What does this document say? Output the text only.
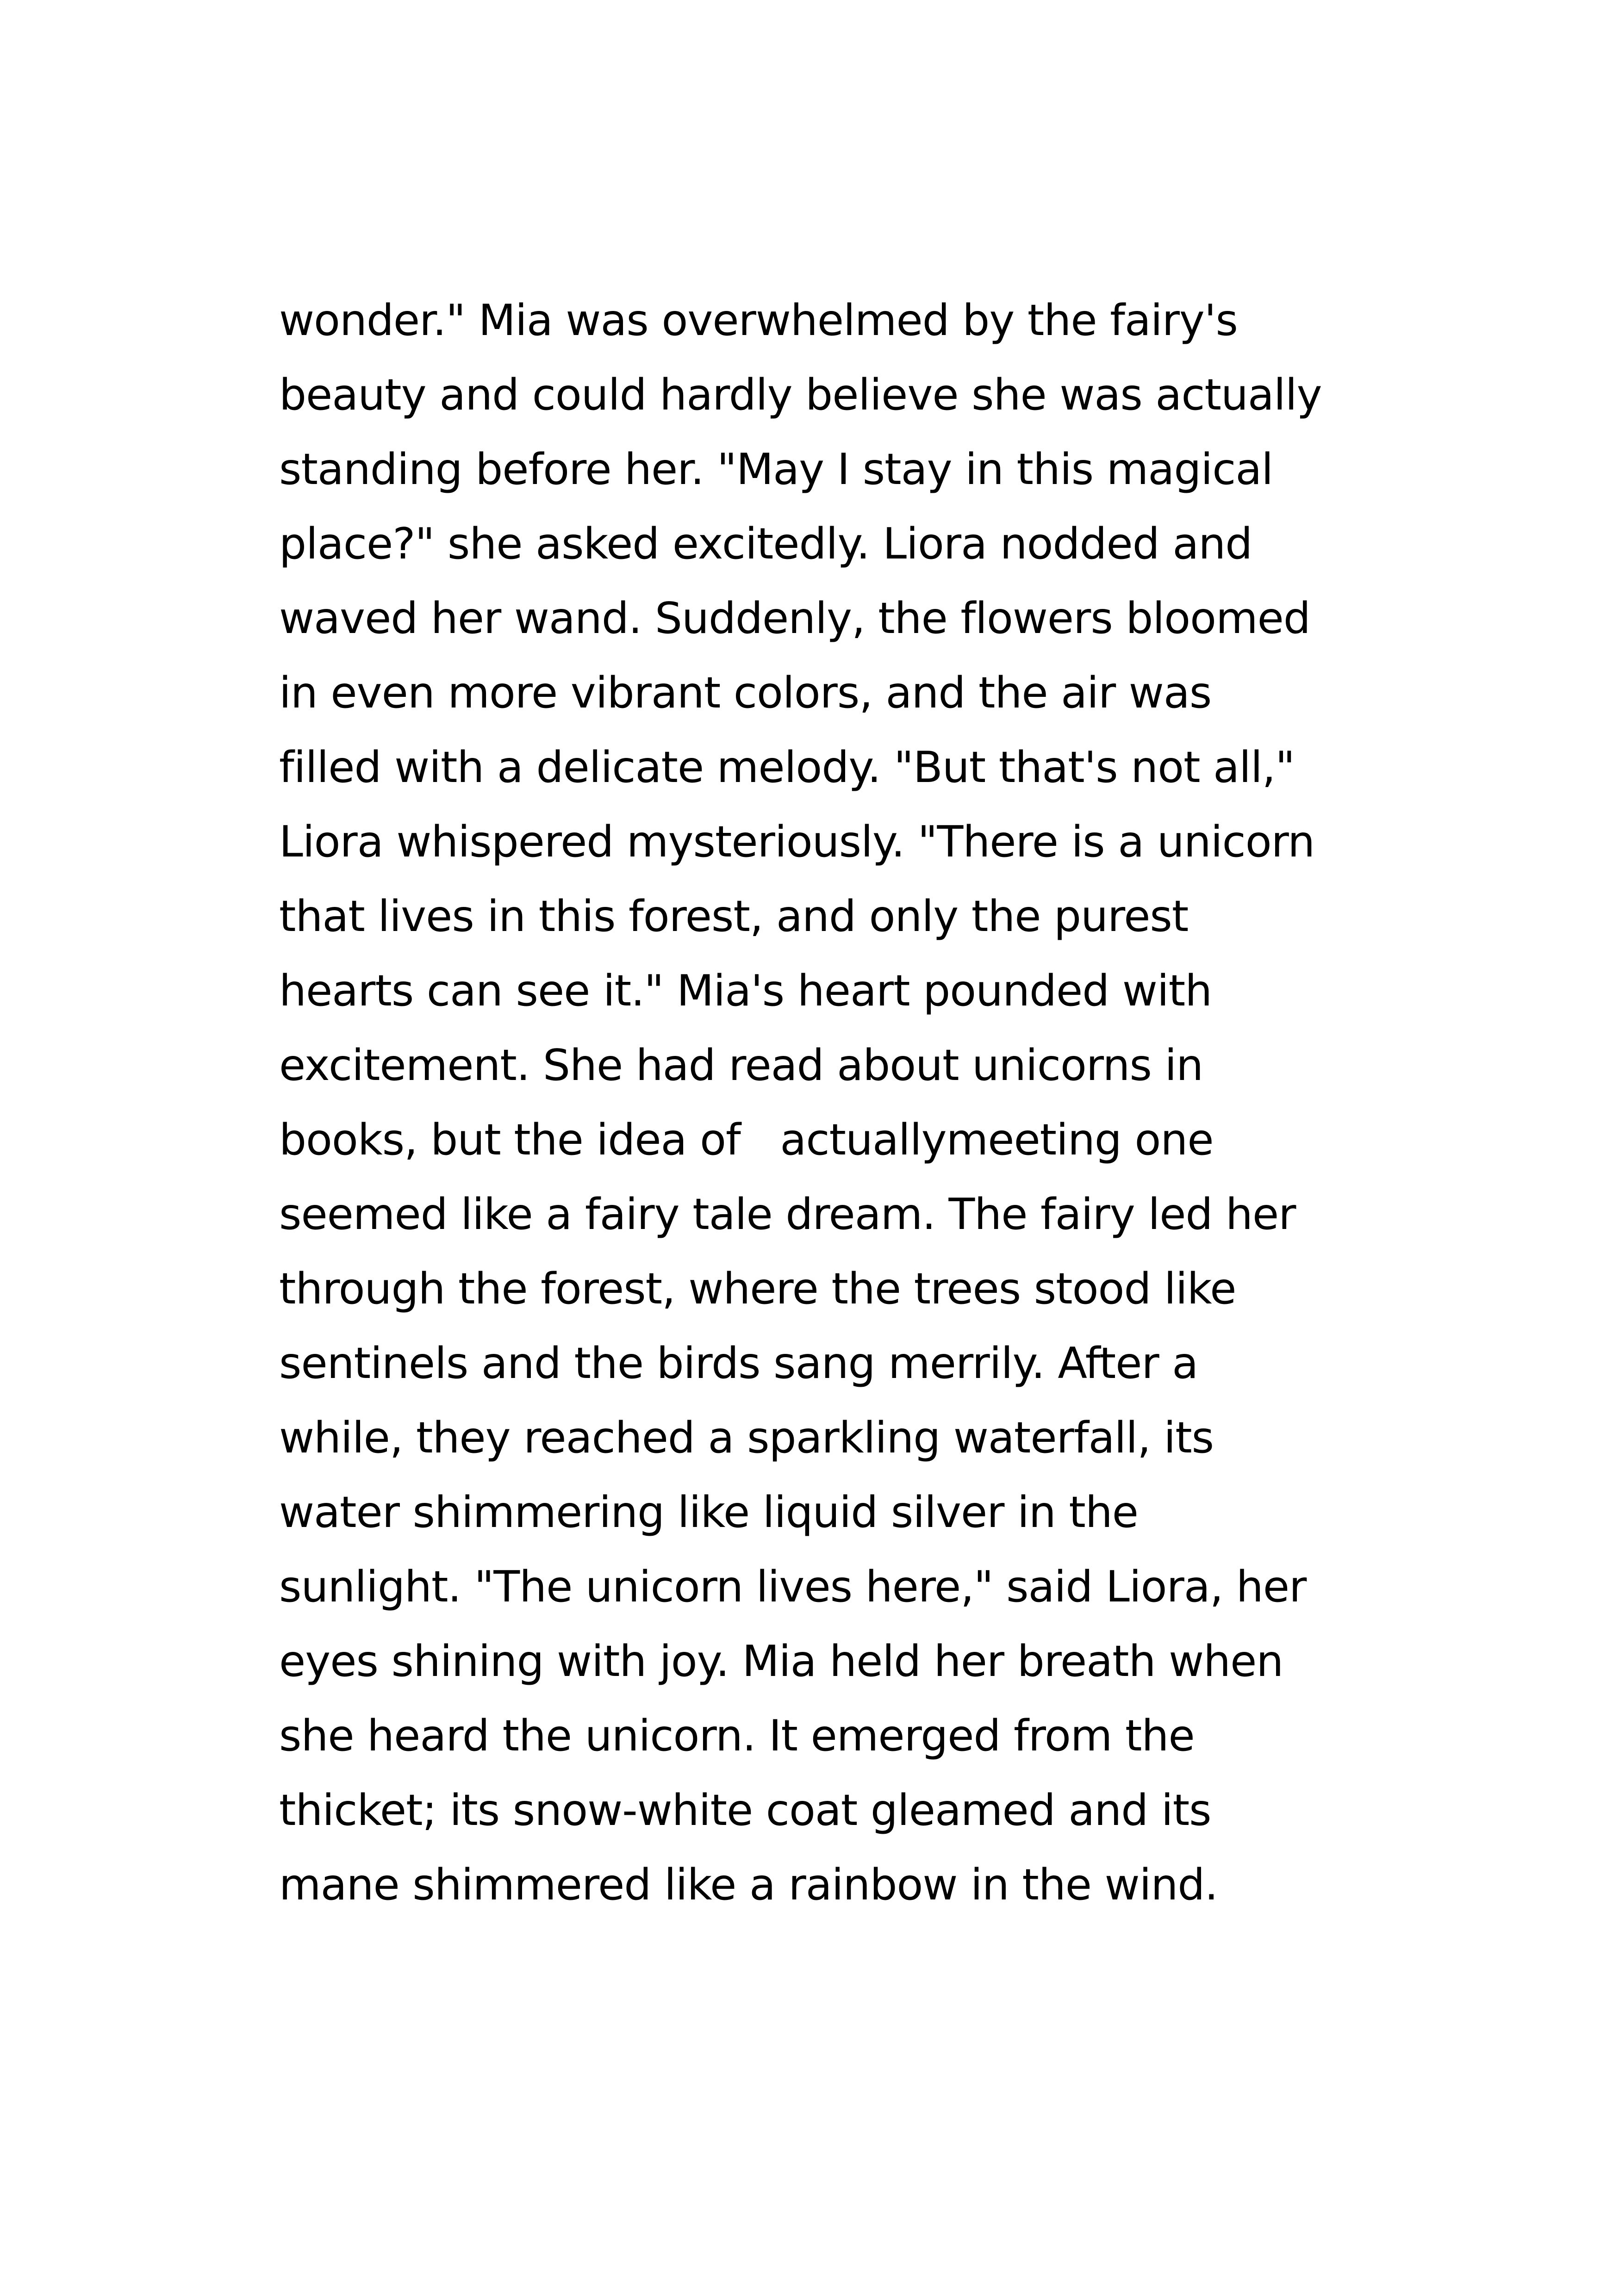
wonder." Mia was overwhelmed by the fairy's
beauty and could hardly believe she was actually
standing before her. "May I stay in this magical
place?" she asked excitedly. Liora nodded and
waved her wand. Suddenly, the flowers bloomed
in even more vibrant colors, and the air was
filled with a delicate melody. "But that's not all,"
Liora whispered mysteriously. "There is a unicorn
that lives in this forest, and only the purest
hearts can see it." Mia's heart pounded with
excitement. She had read about unicorns in
books, but the idea of   actuallymeeting one
seemed like a fairy tale dream. The fairy led her
through the forest, where the trees stood like
sentinels and the birds sang merrily. After a
while, they reached a sparkling waterfall, its
water shimmering like liquid silver in the
sunlight. "The unicorn lives here," said Liora, her
eyes shining with joy. Mia held her breath when
she heard the unicorn. It emerged from the
thicket; its snow-white coat gleamed and its
mane shimmered like a rainbow in the wind.
